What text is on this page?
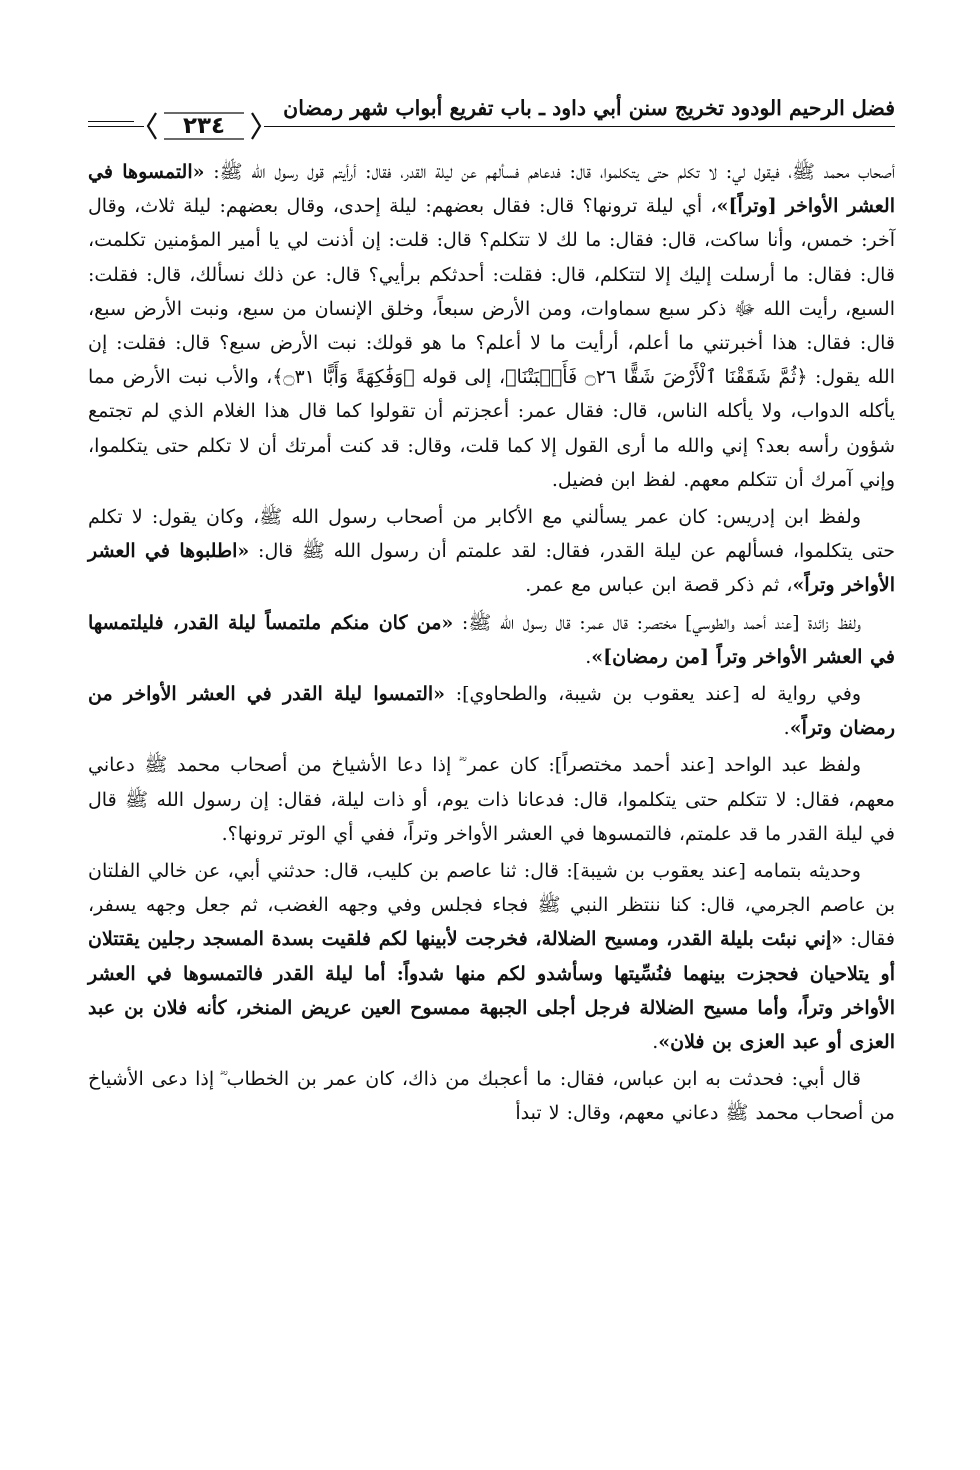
فضل الرحيم الودود تخريج سنن أبي داود ـ باب تفريع أبواب شهر رمضان
٢٣٤

أصحاب محمد ﷺ، فيقول لي: لا تكلم حتى يتكلموا، قال: فدعاهم فسألهم عن ليلة القدر، فقال: أرأيتم قول رسول الله ﷺ: «التمسوها في العشر الأواخر [وتراً]»، أي ليلة ترونها؟ قال: فقال بعضهم: ليلة إحدى، وقال بعضهم: ليلة ثلاث، وقال آخر: خمس، وأنا ساكت، قال: فقال: ما لك لا تتكلم؟ قال: قلت: إن أذنت لي يا أمير المؤمنين تكلمت، قال: فقال: ما أرسلت إليك إلا لتتكلم، قال: فقلت: أحدثكم برأيي؟ قال: عن ذلك نسألك، قال: فقلت: السبع، رأيت الله ﷻ ذكر سبع سماوات، ومن الأرض سبعاً، وخلق الإنسان من سبع، ونبت الأرض سبع، قال: فقال: هذا أخبرتني ما أعلم، أرأيت ما لا أعلم؟ ما هو قولك: نبت الأرض سبع؟ قال: فقلت: إن الله يقول: ﴿ثُمَّ شَقَقْنَا ٱلْأَرْضَ شَقًّا ۝٢٦ فَأَنۢبَتْنَا﴾، إلى قوله ﴿وَفَٰكِهَةً وَأَبًّا ۝٣١﴾، والأب نبت الأرض مما يأكله الدواب، ولا يأكله الناس، قال: فقال عمر: أعجزتم أن تقولوا كما قال هذا الغلام الذي لم تجتمع شؤون رأسه بعد؟ إني والله ما أرى القول إلا كما قلت، وقال: قد كنت أمرتك أن لا تكلم حتى يتكلموا، وإني آمرك أن تتكلم معهم. لفظ ابن فضيل.

ولفظ ابن إدريس: كان عمر يسألني مع الأكابر من أصحاب رسول الله ﷺ، وكان يقول: لا تكلم حتى يتكلموا، فسألهم عن ليلة القدر، فقال: لقد علمتم أن رسول الله ﷺ قال: «اطلبوها في العشر الأواخر وتراً»، ثم ذكر قصة ابن عباس مع عمر.

ولفظ زائدة [عند أحمد والطوسي] مختصر: قال عمر: قال رسول الله ﷺ: «من كان منكم ملتمساً ليلة القدر، فليلتمسها في العشر الأواخر وتراً [من رمضان]».

وفي رواية له [عند يعقوب بن شيبة، والطحاوي]: «التمسوا ليلة القدر في العشر الأواخر من رمضان وتراً».

ولفظ عبد الواحد [عند أحمد مختصراً]: كان عمر ؓ إذا دعا الأشياخ من أصحاب محمد ﷺ دعاني معهم، فقال: لا تتكلم حتى يتكلموا، قال: فدعانا ذات يوم، أو ذات ليلة، فقال: إن رسول الله ﷺ قال في ليلة القدر ما قد علمتم، فالتمسوها في العشر الأواخر وتراً، ففي أي الوتر ترونها؟.

وحديثه بتمامه [عند يعقوب بن شيبة]: قال: ثنا عاصم بن كليب، قال: حدثني أبي، عن خالي الفلتان بن عاصم الجرمي، قال: كنا ننتظر النبي ﷺ فجاء فجلس وفي وجهه الغضب، ثم جعل وجهه يسفر، فقال: «إني نبئت بليلة القدر، ومسيح الضلالة، فخرجت لأبينها لكم فلقيت بسدة المسجد رجلين يقتتلان أو يتلاحيان فحجزت بينهما فنُسِّيتها وسأشدو لكم منها شدواً: أما ليلة القدر فالتمسوها في العشر الأواخر وتراً، وأما مسيح الضلالة فرجل أجلى الجبهة ممسوح العين عريض المنخر، كأنه فلان بن عبد العزى أو عبد العزى بن فلان».

قال أبي: فحدثت به ابن عباس، فقال: ما أعجبك من ذاك، كان عمر بن الخطاب ؓ إذا دعى الأشياخ من أصحاب محمد ﷺ دعاني معهم، وقال: لا تبدأ
